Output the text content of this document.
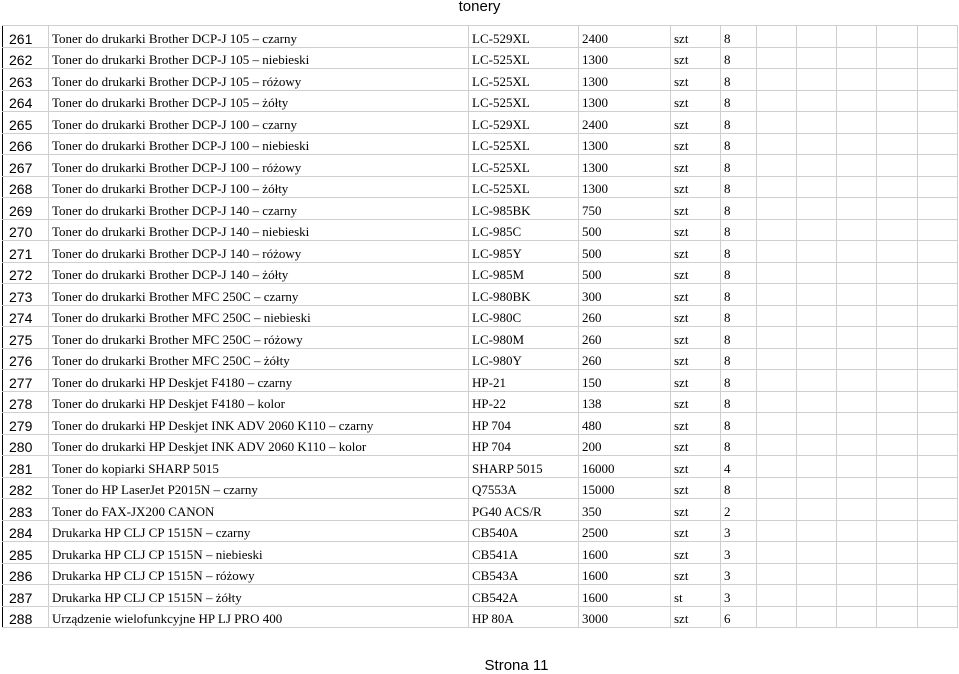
tonery
261	Toner do drukarki Brother DCP-J 105 – czarny	LC-529XL	2400	szt	8					
262	Toner do drukarki Brother DCP-J 105 – niebieski	LC-525XL	1300	szt	8					
263	Toner do drukarki Brother DCP-J 105 – różowy	LC-525XL	1300	szt	8					
264	Toner do drukarki Brother DCP-J 105 – żółty	LC-525XL	1300	szt	8					
265	Toner do drukarki Brother DCP-J 100 – czarny	LC-529XL	2400	szt	8					
266	Toner do drukarki Brother DCP-J 100 – niebieski	LC-525XL	1300	szt	8					
267	Toner do drukarki Brother DCP-J 100 – różowy	LC-525XL	1300	szt	8					
268	Toner do drukarki Brother DCP-J 100 – żółty	LC-525XL	1300	szt	8					
269	Toner do drukarki Brother DCP-J 140 – czarny	LC-985BK	750	szt	8					
270	Toner do drukarki Brother DCP-J 140 – niebieski	LC-985C	500	szt	8					
271	Toner do drukarki Brother DCP-J 140 – różowy	LC-985Y	500	szt	8					
272	Toner do drukarki Brother DCP-J 140 – żółty	LC-985M	500	szt	8					
273	Toner do drukarki Brother MFC 250C – czarny	LC-980BK	300	szt	8					
274	Toner do drukarki Brother MFC 250C – niebieski	LC-980C	260	szt	8					
275	Toner do drukarki Brother MFC 250C – różowy	LC-980M	260	szt	8					
276	Toner do drukarki Brother MFC 250C – żółty	LC-980Y	260	szt	8					
277	Toner do drukarki HP Deskjet F4180 – czarny	HP-21	150	szt	8					
278	Toner do drukarki HP Deskjet F4180 – kolor	HP-22	138	szt	8					
279	Toner do drukarki HP Deskjet INK ADV 2060 K110 – czarny	HP 704	480	szt	8					
280	Toner do drukarki HP Deskjet INK ADV 2060 K110 – kolor	HP 704	200	szt	8					
281	Toner do kopiarki SHARP 5015	SHARP 5015	16000	szt	4					
282	Toner do HP LaserJet P2015N – czarny	Q7553A	15000	szt	8					
283	Toner do FAX-JX200 CANON	PG40 ACS/R	350	szt	2					
284	Drukarka HP CLJ CP 1515N – czarny	CB540A	2500	szt	3					
285	Drukarka HP CLJ CP 1515N – niebieski	CB541A	1600	szt	3					
286	Drukarka HP CLJ CP 1515N – różowy	CB543A	1600	szt	3					
287	Drukarka HP CLJ CP 1515N – żółty	CB542A	1600	st	3					
288	Urządzenie wielofunkcyjne HP LJ PRO 400	HP 80A	3000	szt	6					
Strona 11
